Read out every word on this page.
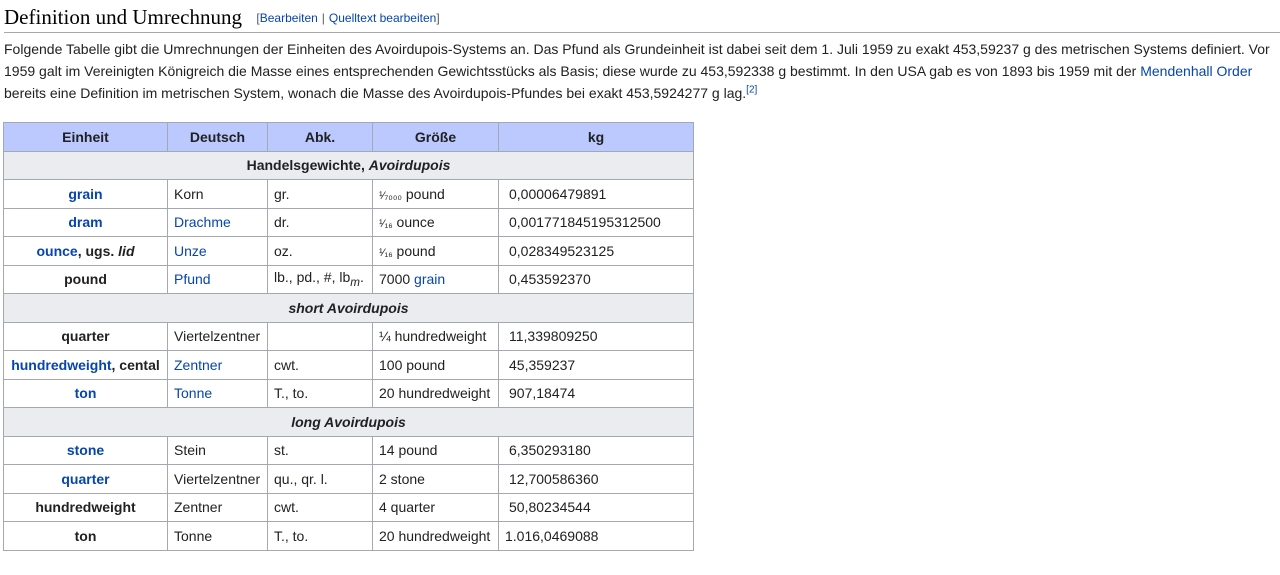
Definition und Umrechnung [Bearbeiten | Quelltext bearbeiten]

Folgende Tabelle gibt die Umrechnungen der Einheiten des Avoirdupois-Systems an. Das Pfund als Grundeinheit ist dabei seit dem 1. Juli 1959 zu exakt 453,59237 g des metrischen Systems definiert. Vor 1959 galt im Vereinigten Königreich die Masse eines entsprechenden Gewichtsstücks als Basis; diese wurde zu 453,592338 g bestimmt. In den USA gab es von 1893 bis 1959 mit der Mendenhall Order bereits eine Definition im metrischen System, wonach die Masse des Avoirdupois-Pfundes bei exakt 453,5924277 g lag.[2]

Einheit	Deutsch	Abk.	Größe	kg
Handelsgewichte, Avoirdupois				
grain	Korn	gr.	¹⁄₇₀₀₀ pound	0,00006479891
dram	Drachme	dr.	¹⁄₁₆ ounce	0,001771845195312500
ounce, ugs. lid	Unze	oz.	¹⁄₁₆ pound	0,028349523125
pound	Pfund	lb., pd., #, $lb_m$.	7000 grain	0,453592370
short Avoirdupois				
quarter	Viertelzentner		¼ hundredweight	11,339809250
hundredweight, cental	Zentner	cwt.	100 pound	45,359237
ton	Tonne	T., to.	20 hundredweight	907,18474
long Avoirdupois				
stone	Stein	st.	14 pound	6,350293180
quarter	Viertelzentner	qu., qr. l.	2 stone	12,700586360
hundredweight	Zentner	cwt.	4 quarter	50,80234544
ton	Tonne	T., to.	20 hundredweight	1.016,0469088
